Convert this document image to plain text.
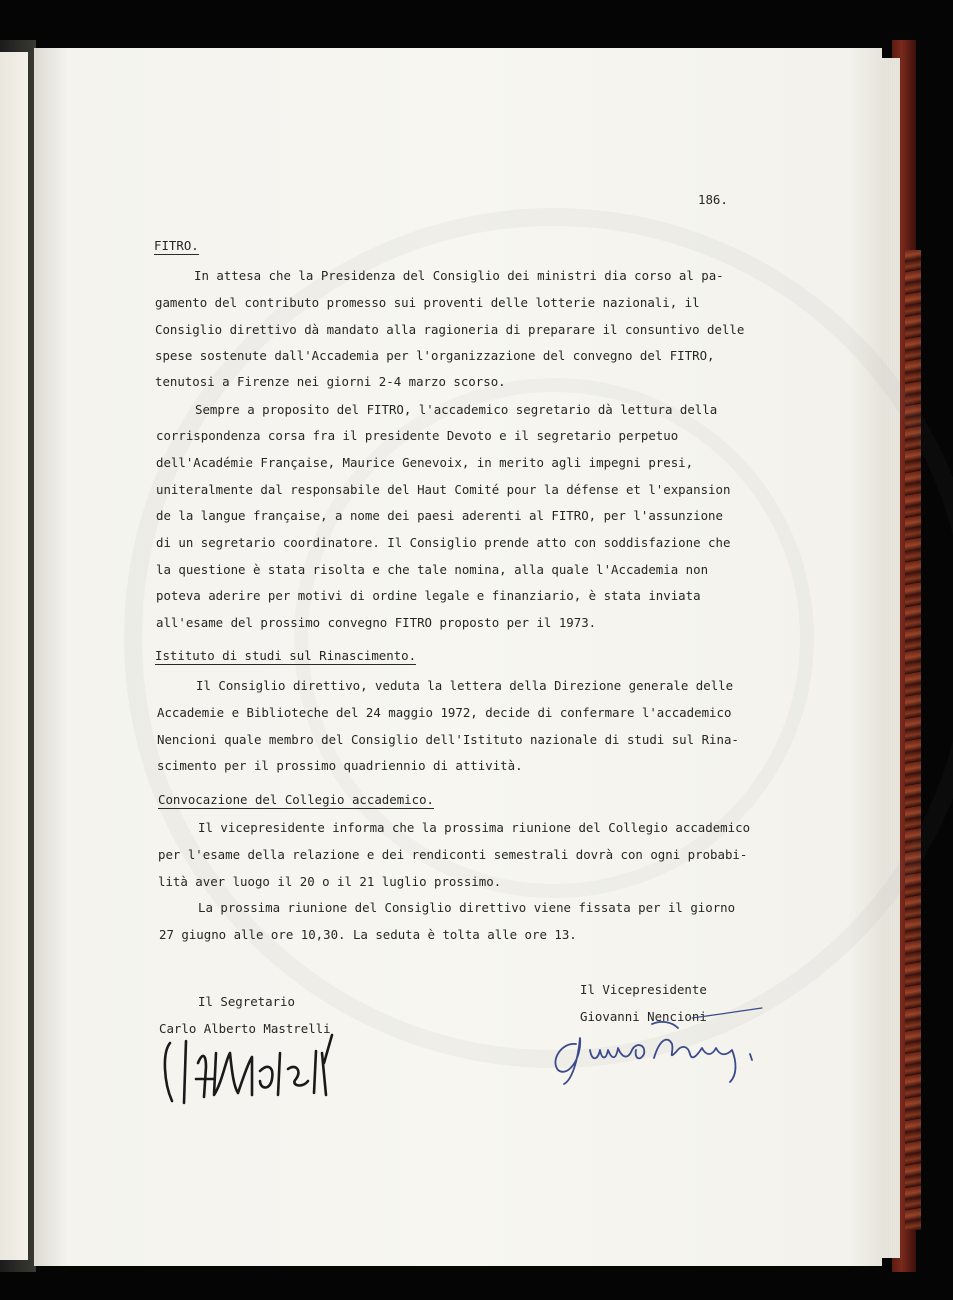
186.
FITRO.
In attesa che la Presidenza del Consiglio dei ministri dia corso al pa-
gamento del contributo promesso sui proventi delle lotterie nazionali, il
Consiglio direttivo dà mandato alla ragioneria di preparare il consuntivo delle
spese sostenute dall'Accademia per l'organizzazione del convegno del FITRO,
tenutosi a Firenze nei giorni 2-4 marzo scorso.
Sempre a proposito del FITRO, l'accademico segretario dà lettura della
corrispondenza corsa fra il presidente Devoto e il segretario perpetuo
dell'Académie Française, Maurice Genevoix, in merito agli impegni presi,
uniteralmente dal responsabile del Haut Comité pour la défense et l'expansion
de la langue française, a nome dei paesi aderenti al FITRO, per l'assunzione
di un segretario coordinatore. Il Consiglio prende atto con soddisfazione che
la questione è stata risolta e che tale nomina, alla quale l'Accademia non
poteva aderire per motivi di ordine legale e finanziario, è stata inviata
all'esame del prossimo convegno FITRO proposto per il 1973.
Istituto di studi sul Rinascimento.
Il Consiglio direttivo, veduta la lettera della Direzione generale delle
Accademie e Biblioteche del 24 maggio 1972, decide di confermare l'accademico
Nencioni quale membro del Consiglio dell'Istituto nazionale di studi sul Rina-
scimento per il prossimo quadriennio di attività.
Convocazione del Collegio accademico.
Il vicepresidente informa che la prossima riunione del Collegio accademico
per l'esame della relazione e dei rendiconti semestrali dovrà con ogni probabi-
lità aver luogo il 20 o il 21 luglio prossimo.
La prossima riunione del Consiglio direttivo viene fissata per il giorno
27 giugno alle ore 10,30. La seduta è tolta alle ore 13.
Il Segretario
Carlo Alberto Mastrelli
Il Vicepresidente
Giovanni Nencioni
